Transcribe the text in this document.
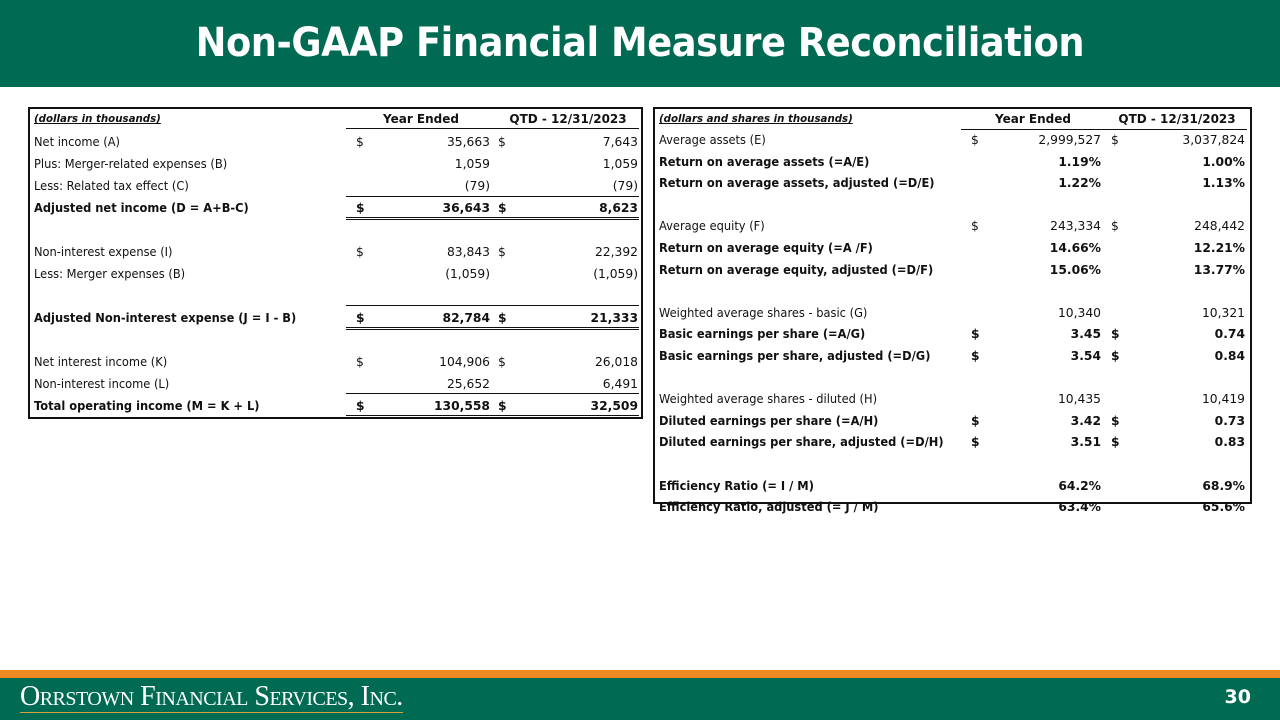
Non-GAAP Financial Measure Reconciliation
(dollars in thousands)	Year Ended	QTD - 12/31/2023
Net income (A)	$	35,663 $	7,643
Plus: Merger-related expenses (B)	1,059	1,059
Less: Related tax effect (C)	(79)	(79)
Adjusted net income (D = A+B-C)	$	36,643 $	8,623
Non-interest expense (I)	$	83,843 $	22,392
Less: Merger expenses (B)	(1,059)	(1,059)
Adjusted Non-interest expense (J = I - B)	$	82,784 $	21,333
Net interest income (K)	$	104,906 $	26,018
Non-interest income (L)	25,652	6,491
Total operating income (M = K + L)	$	130,558 $	32,509
(dollars and shares in thousands)	Year Ended	QTD - 12/31/2023
Average assets (E)	$	2,999,527 $	3,037,824
Return on average assets (=A/E)	1.19%	1.00%
Return on average assets, adjusted (=D/E)	1.22%	1.13%
Average equity (F)	$	243,334 $	248,442
Return on average equity (=A /F)	14.66%	12.21%
Return on average equity, adjusted (=D/F)	15.06%	13.77%
Weighted average shares - basic (G)	10,340	10,321
Basic earnings per share (=A/G)	$	3.45 $	0.74
Basic earnings per share, adjusted (=D/G)	$	3.54 $	0.84
Weighted average shares - diluted (H)	10,435	10,419
Diluted earnings per share (=A/H)	$	3.42 $	0.73
Diluted earnings per share, adjusted (=D/H) $	3.51 $	0.83
Efficiency Ratio (= I / M)	64.2%	68.9%
Efficiency Ratio, adjusted (= J / M)	63.4%	65.6%
Orrstown Financial Services, Inc.	30
